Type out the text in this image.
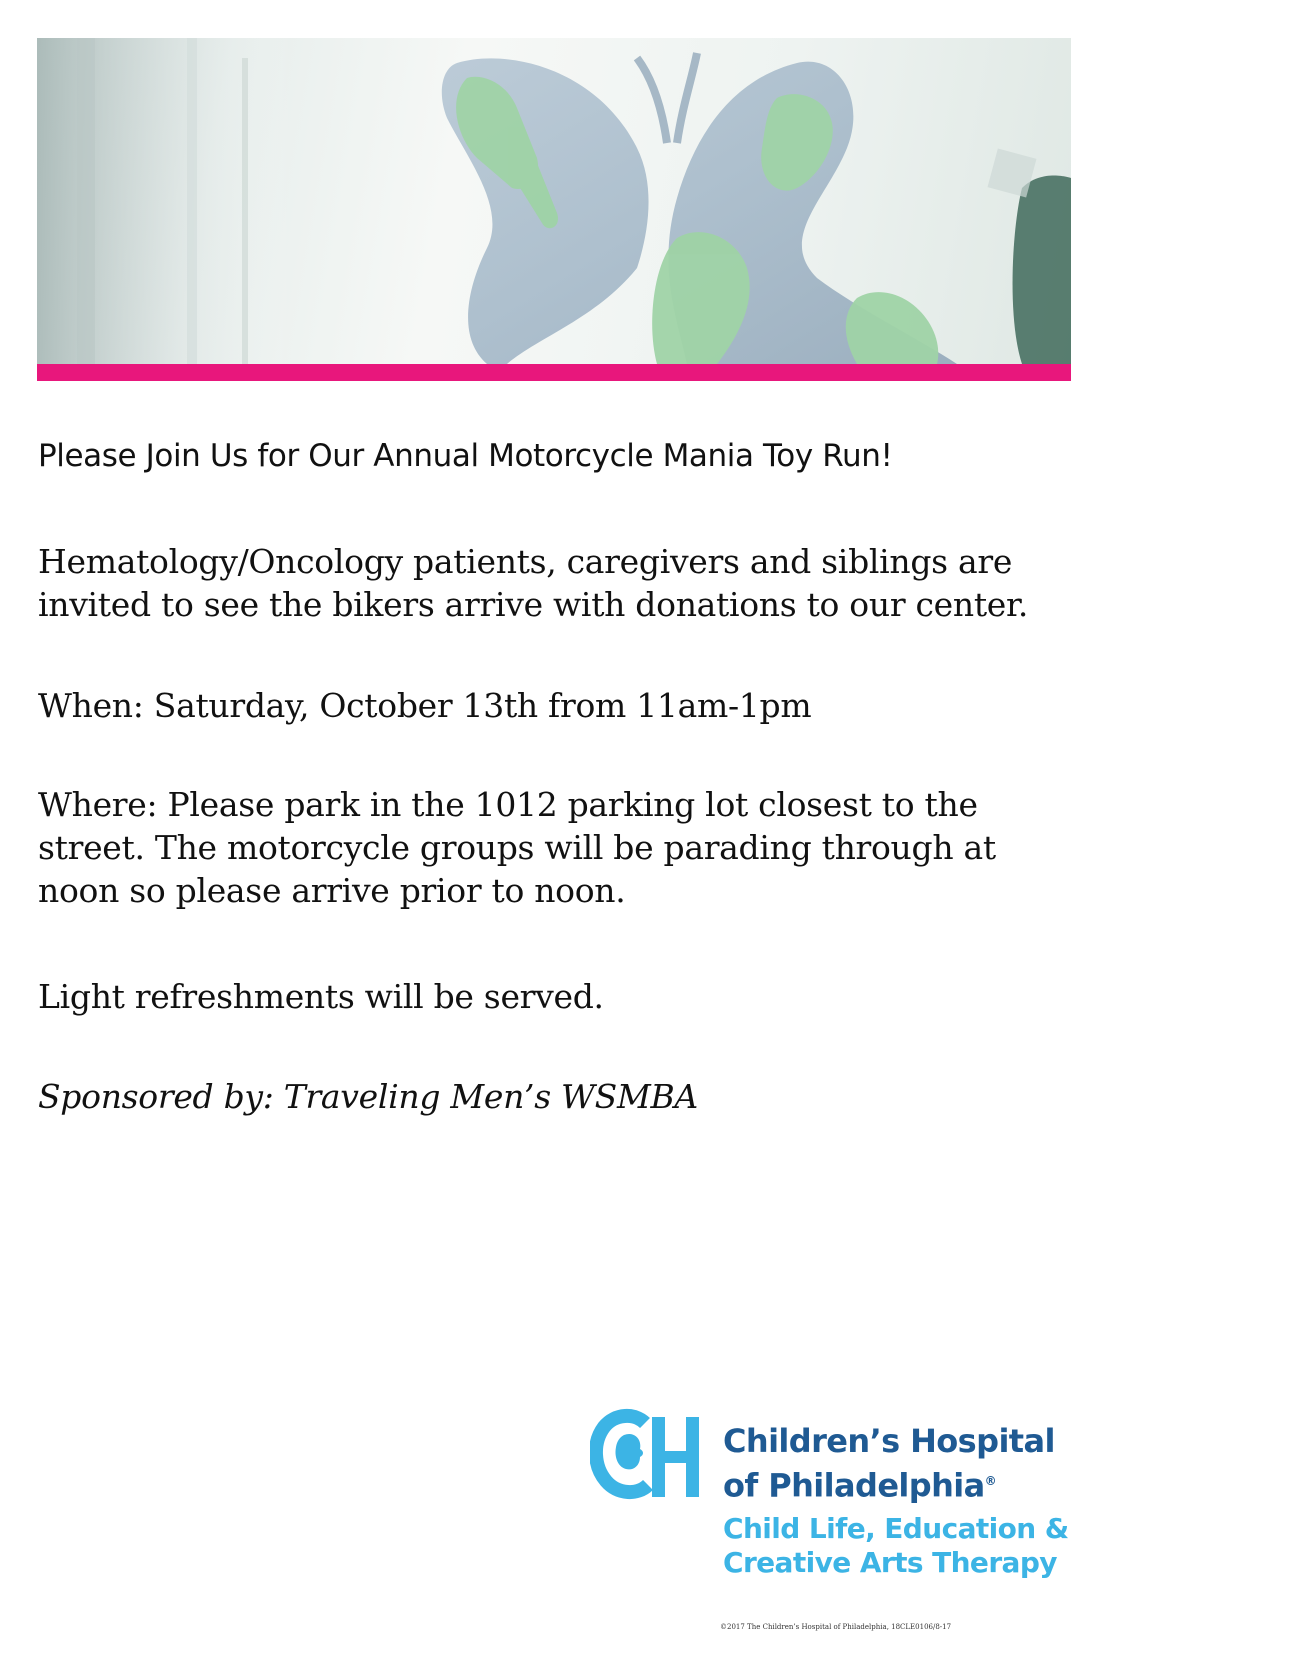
Please Join Us for Our Annual Motorcycle Mania Toy Run!

Hematology/Oncology patients, caregivers and siblings are invited to see the bikers arrive with donations to our center.

When: Saturday, October 13th from 11am-1pm

Where: Please park in the 1012 parking lot closest to the street. The motorcycle groups will be parading through at noon so please arrive prior to noon.

Light refreshments will be served.

Sponsored by: Traveling Men’s WSMBA

Children’s Hospital
of Philadelphia®
Child Life, Education &
Creative Arts Therapy
©2017 The Children’s Hospital of Philadelphia, 18CLE0106/8-17
